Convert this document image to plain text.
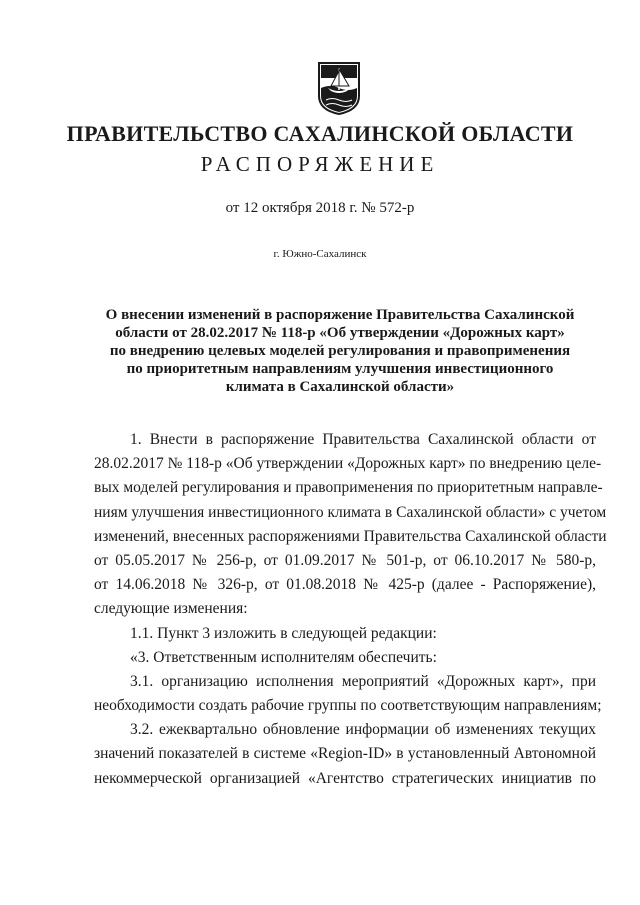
ПРАВИТЕЛЬСТВО САХАЛИНСКОЙ ОБЛАСТИ
РАСПОРЯЖЕНИЕ
от 12 октября 2018 г. № 572-р
г. Южно-Сахалинск
О внесении изменений в распоряжение Правительства Сахалинской
области от 28.02.2017 № 118-р «Об утверждении «Дорожных карт»
по внедрению целевых моделей регулирования и правоприменения
по приоритетным направлениям улучшения инвестиционного
климата в Сахалинской области»
1. Внести в распоряжение Правительства Сахалинской области от
28.02.2017 № 118-р «Об утверждении «Дорожных карт» по внедрению целе-
вых моделей регулирования и правоприменения по приоритетным направле-
ниям улучшения инвестиционного климата в Сахалинской области» с учетом
изменений, внесенных распоряжениями Правительства Сахалинской области
от 05.05.2017 № 256-р, от 01.09.2017 № 501-р, от 06.10.2017 № 580-р,
от 14.06.2018 № 326-р, от 01.08.2018 № 425-р (далее - Распоряжение),
следующие изменения:
1.1. Пункт 3 изложить в следующей редакции:
«3. Ответственным исполнителям обеспечить:
3.1. организацию исполнения мероприятий «Дорожных карт», при
необходимости создать рабочие группы по соответствующим направлениям;
3.2. ежеквартально обновление информации об изменениях текущих
значений показателей в системе «Region-ID» в установленный Автономной
некоммерческой организацией «Агентство стратегических инициатив по
